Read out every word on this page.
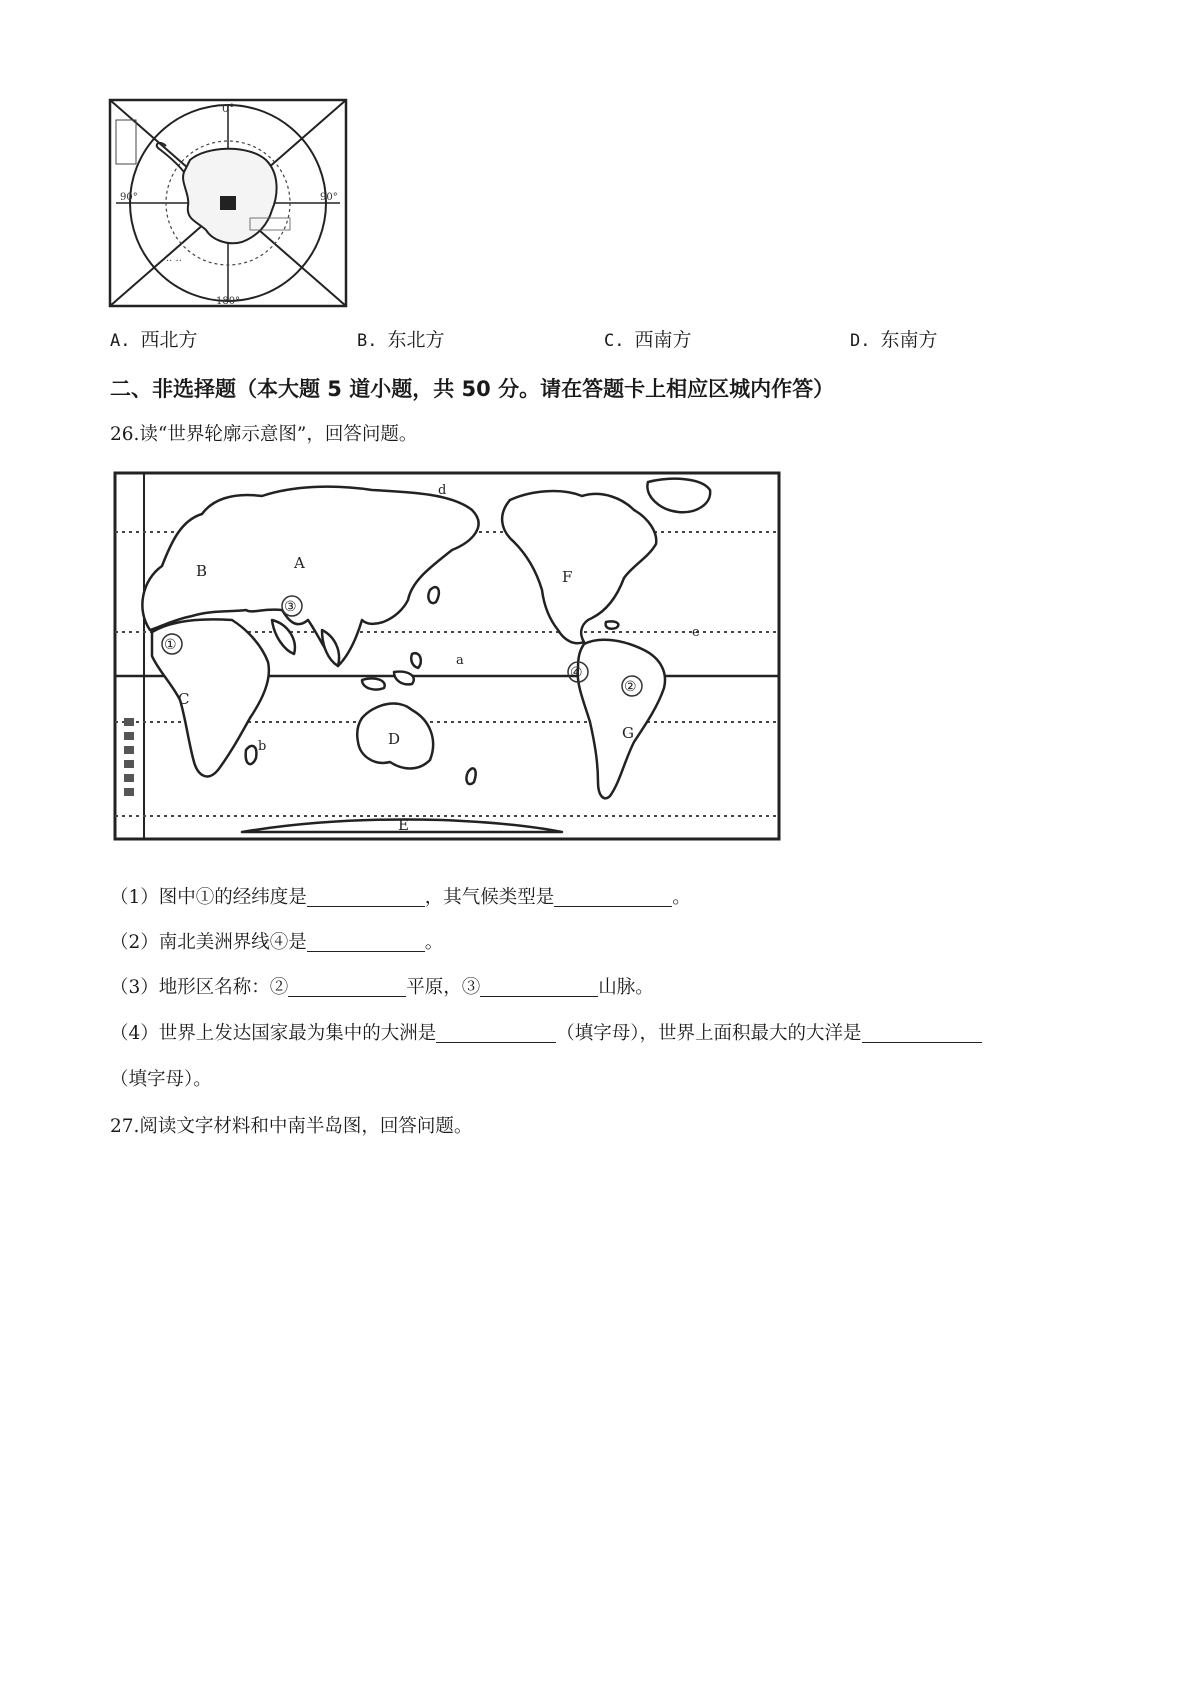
·· ··
0°
90°	90°
180°
A. 西北方	B. 东北方	C. 西南方	D. 东南方
二、非选择题（本大题 5 道小题，共 50 分。请在答题卡上相应区城内作答）
26.读“世界轮廓示意图”，回答问题。
A
B
C
D
E
F
G
a
b
d
e
①
②
③
④
（1）图中①的经纬度是	，其气候类型是	。
（2）南北美洲界线④是	。
（3）地形区名称：②	平原，③	山脉。
（4）世界上发达国家最为集中的大洲是	（填字母），世界上面积最大的大洋是
（填字母）。
27.阅读文字材料和中南半岛图，回答问题。
